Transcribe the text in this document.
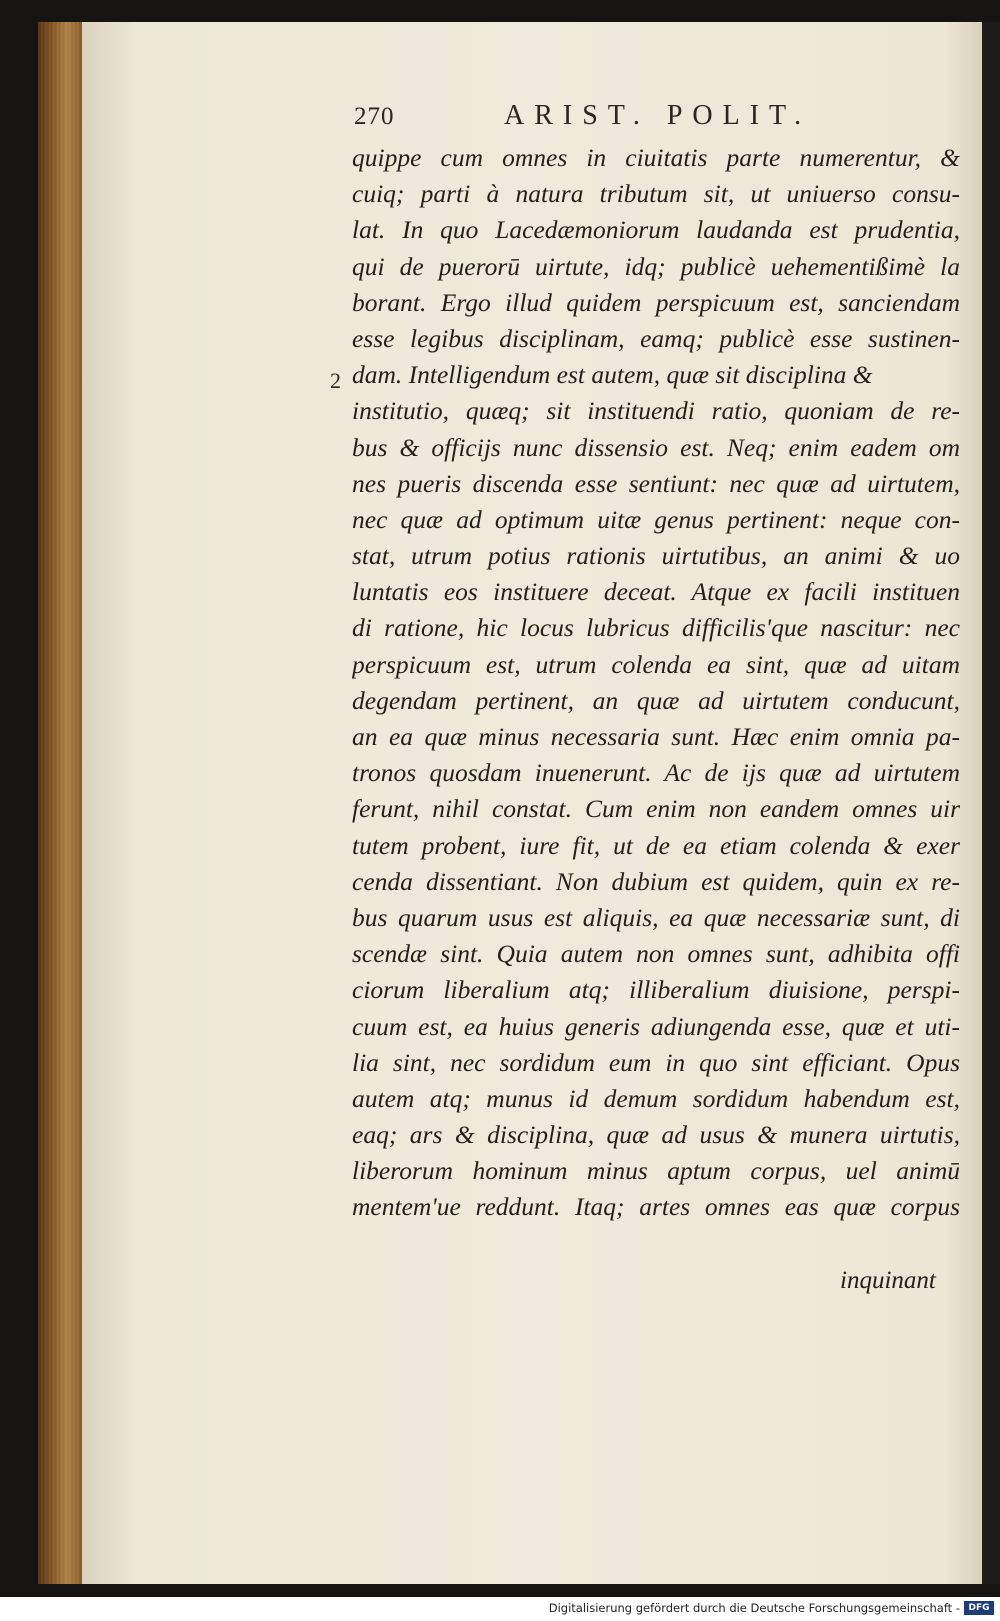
270	ARIST. POLIT.
2
quippe cum omnes in ciuitatis parte numerentur, &
cuiq; parti à natura tributum sit, ut uniuerso consu-
lat. In quo Lacedæmoniorum laudanda est prudentia,
qui de puerorū uirtute, idq; publicè uehementißimè la
borant. Ergo illud quidem perspicuum est, sanciendam
esse legibus disciplinam, eamq; publicè esse sustinen-
dam. Intelligendum est autem, quæ sit disciplina &
institutio, quæq; sit instituendi ratio, quoniam de re-
bus & officijs nunc dissensio est. Neq; enim eadem om
nes pueris discenda esse sentiunt: nec quæ ad uirtutem,
nec quæ ad optimum uitæ genus pertinent: neque con-
stat, utrum potius rationis uirtutibus, an animi & uo
luntatis eos instituere deceat. Atque ex facili instituen
di ratione, hic locus lubricus difficilis'que nascitur: nec
perspicuum est, utrum colenda ea sint, quæ ad uitam
degendam pertinent, an quæ ad uirtutem conducunt,
an ea quæ minus necessaria sunt. Hæc enim omnia pa-
tronos quosdam inuenerunt. Ac de ijs quæ ad uirtutem
ferunt, nihil constat. Cum enim non eandem omnes uir
tutem probent, iure fit, ut de ea etiam colenda & exer
cenda dissentiant. Non dubium est quidem, quin ex re-
bus quarum usus est aliquis, ea quæ necessariæ sunt, di
scendæ sint. Quia autem non omnes sunt, adhibita offi
ciorum liberalium atq; illiberalium diuisione, perspi-
cuum est, ea huius generis adiungenda esse, quæ et uti-
lia sint, nec sordidum eum in quo sint efficiant. Opus
autem atq; munus id demum sordidum habendum est,
eaq; ars & disciplina, quæ ad usus & munera uirtutis,
liberorum hominum minus aptum corpus, uel animū
mentem'ue reddunt. Itaq; artes omnes eas quæ corpus
inquinant
Digitalisierung gefördert durch die Deutsche Forschungsgemeinschaft - DFG
